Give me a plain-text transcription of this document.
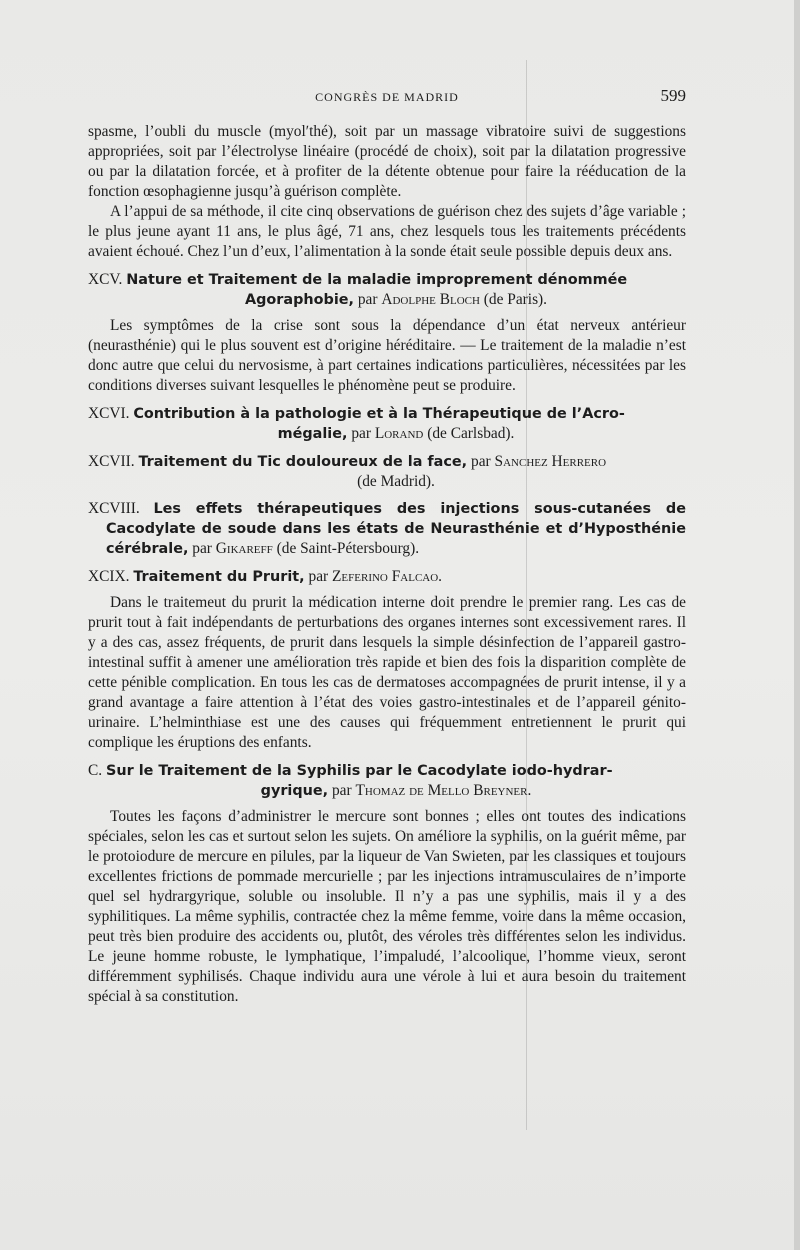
CONGRÈS DE MADRID	599

spasme, l’oubli du muscle (myolʹthé), soit par un massage vibratoire suivi de suggestions appropriées, soit par l’électrolyse linéaire (procédé de choix), soit par la dilatation progressive ou par la dilatation forcée, et à profiter de la détente obtenue pour faire la rééducation de la fonction œsophagienne jusqu’à guérison complète.

A l’appui de sa méthode, il cite cinq observations de guérison chez des sujets d’âge variable ; le plus jeune ayant 11 ans, le plus âgé, 71 ans, chez lesquels tous les traitements précédents avaient échoué. Chez l’un d’eux, l’alimentation à la sonde était seule possible depuis deux ans.

XCV. Nature et Traitement de la maladie improprement dénommée
Agoraphobie, par Adolphe Bloch (de Paris).

Les symptômes de la crise sont sous la dépendance d’un état nerveux antérieur (neurasthénie) qui le plus souvent est d’origine héréditaire. — Le traitement de la maladie n’est donc autre que celui du nervosisme, à part certaines indications particulières, nécessitées par les conditions diverses suivant lesquelles le phénomène peut se produire.

XCVI. Contribution à la pathologie et à la Thérapeutique de l’Acro-
mégalie, par Lorand (de Carlsbad).

XCVII. Traitement du Tic douloureux de la face, par Sanchez Herrero
(de Madrid).

XCVIII. Les effets thérapeutiques des injections sous-cutanées de Cacodylate de soude dans les états de Neurasthénie et d’Hyposthénie cérébrale, par Gikareff (de Saint-Pétersbourg).

XCIX. Traitement du Prurit, par Zeferino Falcao.

Dans le traitemeut du prurit la médication interne doit prendre le premier rang. Les cas de prurit tout à fait indépendants de perturbations des organes internes sont excessivement rares. Il y a des cas, assez fréquents, de prurit dans lesquels la simple désinfection de l’appareil gastro-intestinal suffit à amener une amélioration très rapide et bien des fois la disparition complète de cette pénible complication. En tous les cas de dermatoses accompagnées de prurit intense, il y a grand avantage a faire attention à l’état des voies gastro-intestinales et de l’appareil génito-urinaire. L’helminthiase est une des causes qui fréquemment entretiennent le prurit qui complique les éruptions des enfants.

C. Sur le Traitement de la Syphilis par le Cacodylate iodo-hydrar-
gyrique, par Thomaz de Mello Breyner.

Toutes les façons d’administrer le mercure sont bonnes ; elles ont toutes des indications spéciales, selon les cas et surtout selon les sujets. On améliore la syphilis, on la guérit même, par le protoiodure de mercure en pilules, par la liqueur de Van Swieten, par les classiques et toujours excellentes frictions de pommade mercurielle ; par les injections intramusculaires de n’importe quel sel hydrargyrique, soluble ou insoluble. Il n’y a pas une syphilis, mais il y a des syphilitiques. La même syphilis, contractée chez la même femme, voire dans la même occasion, peut très bien produire des accidents ou, plutôt, des véroles très différentes selon les individus. Le jeune homme robuste, le lymphatique, l’impaludé, l’alcoolique, l’homme vieux, seront différemment syphilisés. Chaque individu aura une vérole à lui et aura besoin du traitement spécial à sa constitution.
